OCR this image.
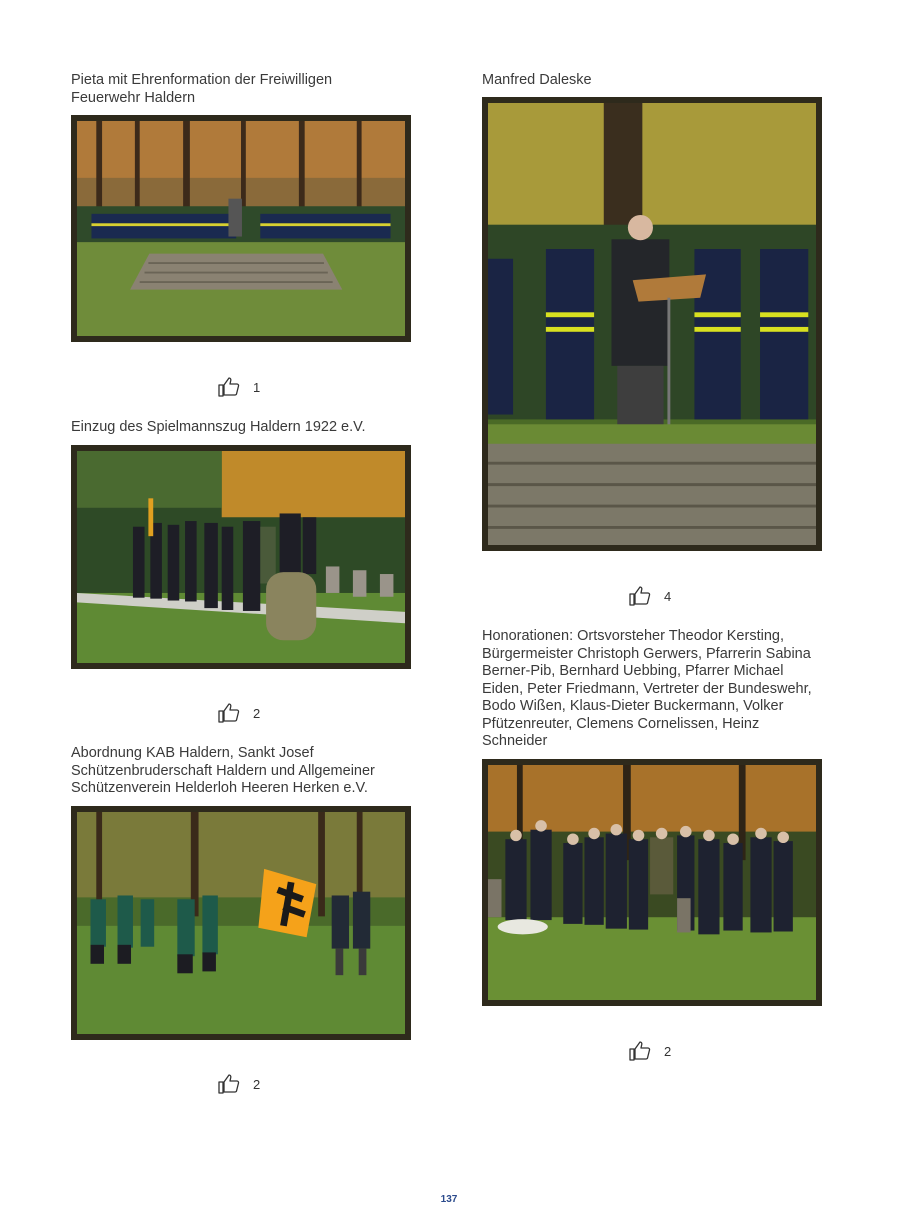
Pieta mit Ehrenformation der Freiwilligen Feuerwehr Haldern

1

Einzug des Spielmannszug Haldern 1922 e.V.

2

Abordnung KAB Haldern, Sankt Josef Schützenbruderschaft Haldern und Allgemeiner Schützenverein Helderloh Heeren Herken e.V.

2

Manfred Daleske

4

Honorationen: Ortsvorsteher Theodor Kersting, Bürgermeister Christoph Gerwers, Pfarrerin Sabina Berner-Pib, Bernhard Uebbing, Pfarrer Michael Eiden, Peter Friedmann, Vertreter der Bundeswehr, Bodo Wißen, Klaus-Dieter Buckermann, Volker Pfützenreuter, Clemens Cornelissen, Heinz Schneider

2
137
